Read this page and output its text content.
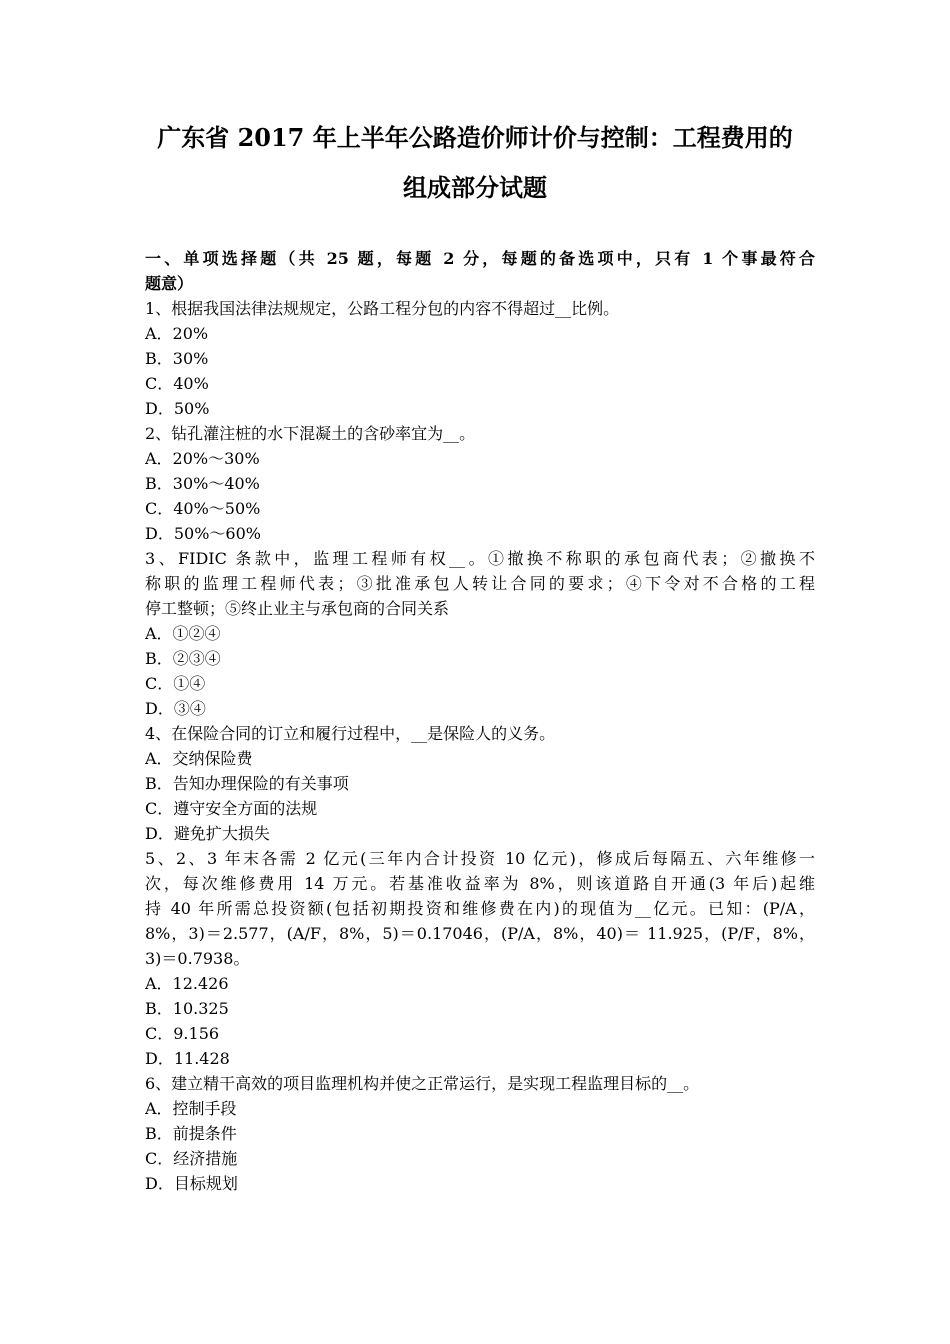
广东省 2017 年上半年公路造价师计价与控制：工程费用的
组成部分试题
一、单项选择题（共 25 题，每题 2 分，每题的备选项中，只有 1 个事最符合
题意）
1、根据我国法律法规规定，公路工程分包的内容不得超过__比例。
A．20%
B．30%
C．40%
D．50%
2、钻孔灌注桩的水下混凝土的含砂率宜为__。
A．20%～30%
B．30%～40%
C．40%～50%
D．50%～60%
3、FIDIC 条款中，监理工程师有权__。①撤换不称职的承包商代表；②撤换不
称职的监理工程师代表；③批准承包人转让合同的要求；④下令对不合格的工程
停工整顿；⑤终止业主与承包商的合同关系
A．①②④
B．②③④
C．①④
D．③④
4、在保险合同的订立和履行过程中，__是保险人的义务。
A．交纳保险费
B．告知办理保险的有关事项
C．遵守安全方面的法规
D．避免扩大损失
5、2、3 年末各需 2 亿元(三年内合计投资 10 亿元)，修成后每隔五、六年维修一
次，每次维修费用 14 万元。若基准收益率为 8%，则该道路自开通(3 年后)起维
持 40 年所需总投资额(包括初期投资和维修费在内)的现值为__亿元。已知：(P/A，
8%，3)＝2.577，(A/F，8%，5)＝0.17046，(P/A，8%，40)＝ 11.925，(P/F，8%，
3)＝0.7938。
A．12.426
B．10.325
C．9.156
D．11.428
6、建立精干高效的项目监理机构并使之正常运行，是实现工程监理目标的__。
A．控制手段
B．前提条件
C．经济措施
D．目标规划
